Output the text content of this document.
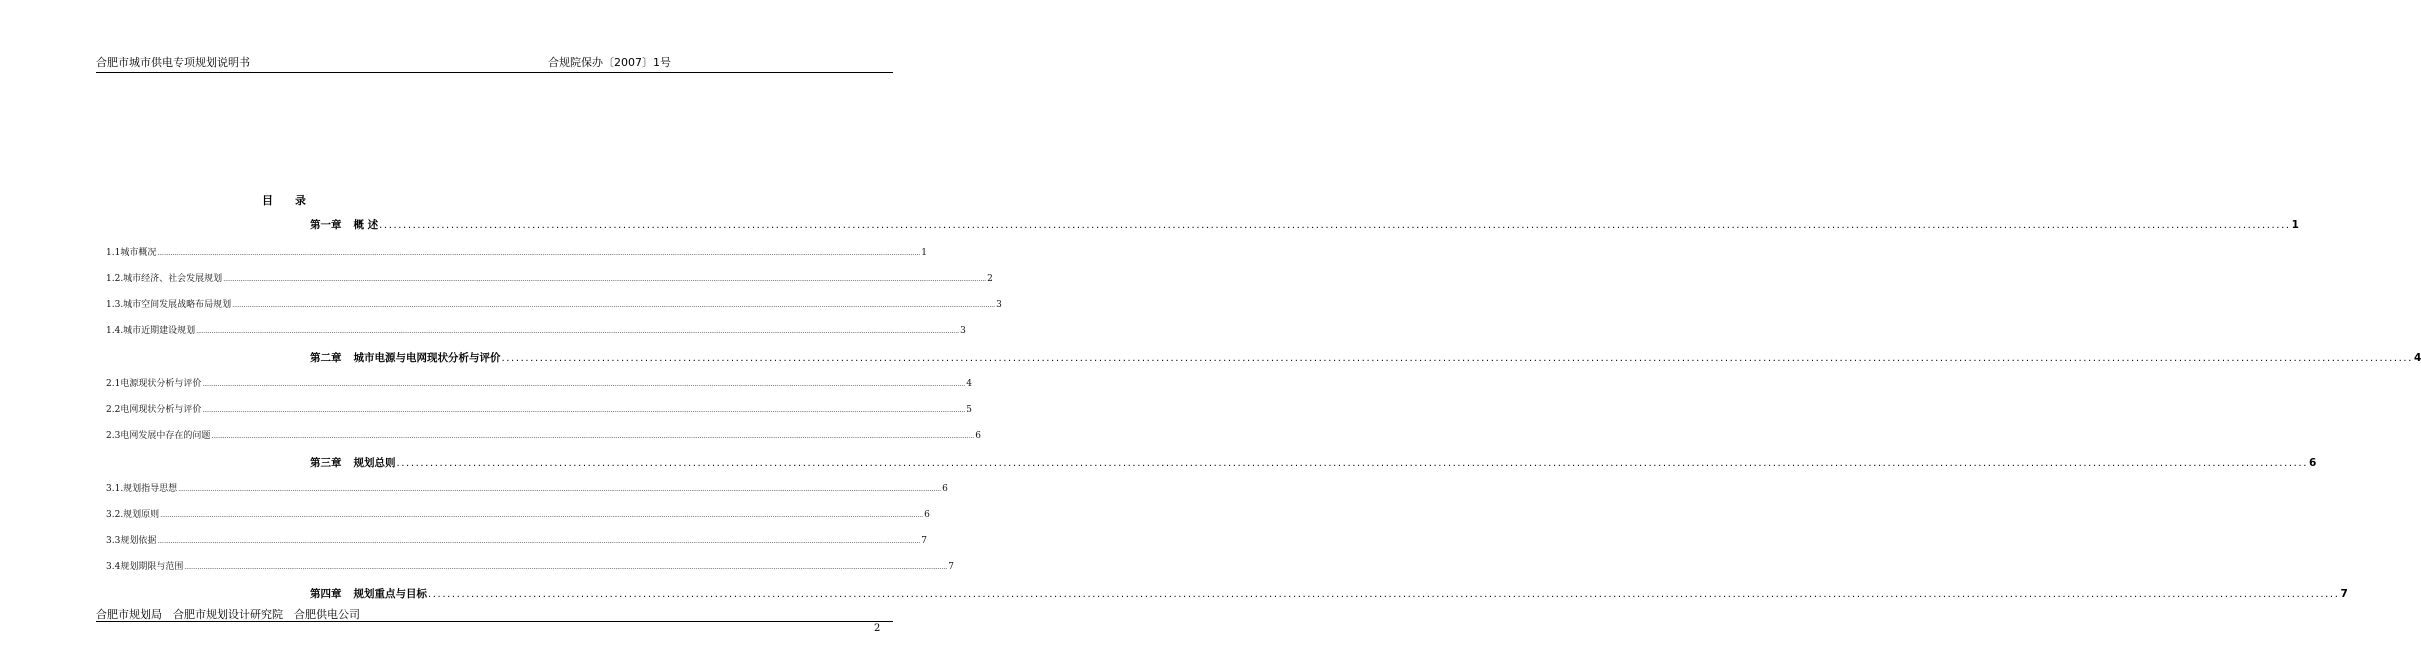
合肥市城市供电专项规划说明书	合规院保办〔2007〕1号
目 录
第一章 概 述 ................................................................................................................................................................................................................................................................................................................................................................................................................ 1
1.1城市概况 ................................................................................................................................................................................................................................................................................................................................................................................................................ 1
1.2.城市经济、社会发展规划 ................................................................................................................................................................................................................................................................................................................................................................................................................ 2
1.3.城市空间发展战略布局规划 ................................................................................................................................................................................................................................................................................................................................................................................................................ 3
1.4.城市近期建设规划 ................................................................................................................................................................................................................................................................................................................................................................................................................ 3
第二章 城市电源与电网现状分析与评价 ................................................................................................................................................................................................................................................................................................................................................................................................................ 4
2.1电源现状分析与评价 ................................................................................................................................................................................................................................................................................................................................................................................................................ 4
2.2电网现状分析与评价 ................................................................................................................................................................................................................................................................................................................................................................................................................ 5
2.3电网发展中存在的问题 ................................................................................................................................................................................................................................................................................................................................................................................................................ 6
第三章 规划总则 ................................................................................................................................................................................................................................................................................................................................................................................................................ 6
3.1.规划指导思想 ................................................................................................................................................................................................................................................................................................................................................................................................................ 6
3.2.规划原则 ................................................................................................................................................................................................................................................................................................................................................................................................................ 6
3.3规划依据 ................................................................................................................................................................................................................................................................................................................................................................................................................ 7
3.4规划期限与范围 ................................................................................................................................................................................................................................................................................................................................................................................................................ 7
第四章 规划重点与目标 ................................................................................................................................................................................................................................................................................................................................................................................................................ 7
合肥市规划局　合肥市规划设计研究院　合肥供电公司
2
